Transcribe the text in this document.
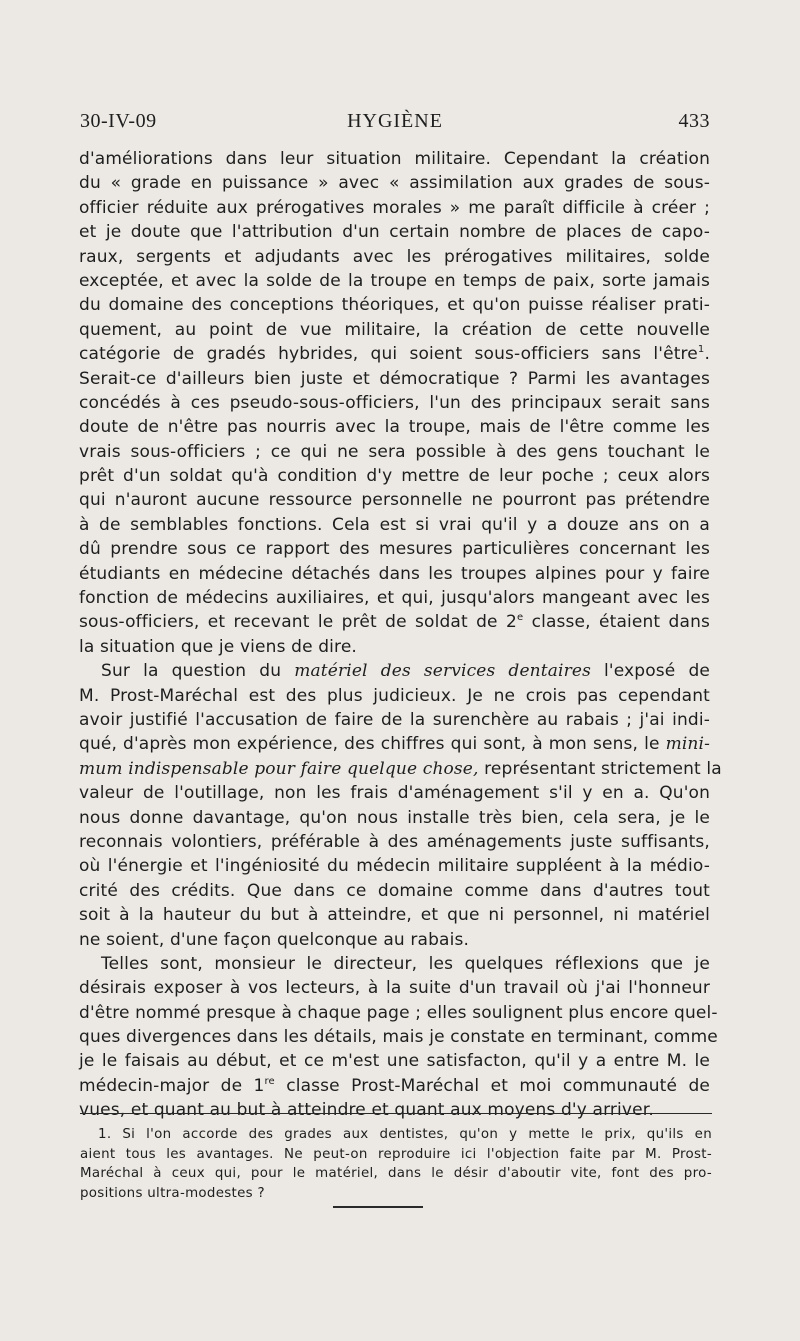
30-IV-09	HYGIÈNE	433
d'améliorations dans leur situation militaire. Cependant la création
du « grade en puissance » avec « assimilation aux grades de sous-
officier réduite aux prérogatives morales » me paraît difficile à créer ;
et je doute que l'attribution d'un certain nombre de places de capo-
raux, sergents et adjudants avec les prérogatives militaires, solde
exceptée, et avec la solde de la troupe en temps de paix, sorte jamais
du domaine des conceptions théoriques, et qu'on puisse réaliser prati-
quement, au point de vue militaire, la création de cette nouvelle
catégorie de gradés hybrides, qui soient sous-officiers sans l'être$^1$.
Serait-ce d'ailleurs bien juste et démocratique ? Parmi les avantages
concédés à ces pseudo-sous-officiers, l'un des principaux serait sans
doute de n'être pas nourris avec la troupe, mais de l'être comme les
vrais sous-officiers ; ce qui ne sera possible à des gens touchant le
prêt d'un soldat qu'à condition d'y mettre de leur poche ; ceux alors
qui n'auront aucune ressource personnelle ne pourront pas prétendre
à de semblables fonctions. Cela est si vrai qu'il y a douze ans on a
dû prendre sous ce rapport des mesures particulières concernant les
étudiants en médecine détachés dans les troupes alpines pour y faire
fonction de médecins auxiliaires, et qui, jusqu'alors mangeant avec les
sous-officiers, et recevant le prêt de soldat de 2e classe, étaient dans
la situation que je viens de dire.
Sur la question du matériel des services dentaires l'exposé de
M. Prost-Maréchal est des plus judicieux. Je ne crois pas cependant
avoir justifié l'accusation de faire de la surenchère au rabais ; j'ai indi-
qué, d'après mon expérience, des chiffres qui sont, à mon sens, le mini-
mum indispensable pour faire quelque chose, représentant strictement la
valeur de l'outillage, non les frais d'aménagement s'il y en a. Qu'on
nous donne davantage, qu'on nous installe très bien, cela sera, je le
reconnais volontiers, préférable à des aménagements juste suffisants,
où l'énergie et l'ingéniosité du médecin militaire suppléent à la médio-
crité des crédits. Que dans ce domaine comme dans d'autres tout
soit à la hauteur du but à atteindre, et que ni personnel, ni matériel
ne soient, d'une façon quelconque au rabais.
Telles sont, monsieur le directeur, les quelques réflexions que je
désirais exposer à vos lecteurs, à la suite d'un travail où j'ai l'honneur
d'être nommé presque à chaque page ; elles soulignent plus encore quel-
ques divergences dans les détails, mais je constate en terminant, comme
je le faisais au début, et ce m'est une satisfacton, qu'il y a entre M. le
médecin-major de 1re classe Prost-Maréchal et moi communauté de
vues, et quant au but à atteindre et quant aux moyens d'y arriver.
1. Si l'on accorde des grades aux dentistes, qu'on y mette le prix, qu'ils en
aient tous les avantages. Ne peut-on reproduire ici l'objection faite par M. Prost-
Maréchal à ceux qui, pour le matériel, dans le désir d'aboutir vite, font des pro-
positions ultra-modestes ?
